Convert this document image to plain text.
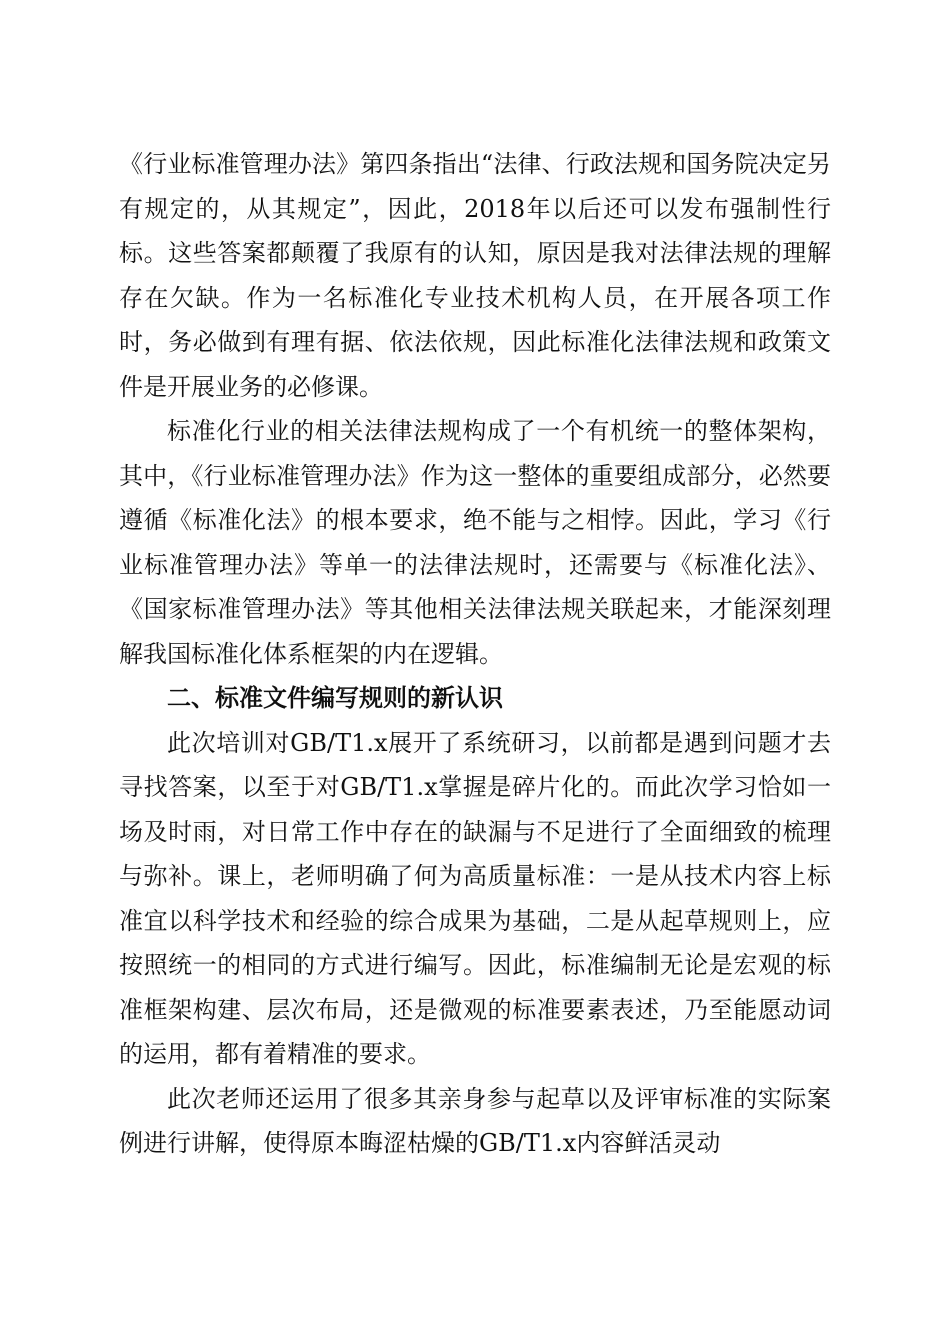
《行业标准管理办法》第四条指出“法律、行政法规和国务院决定另有规定的，从其规定”，因此，2018年以后还可以发布强制性行标。这些答案都颠覆了我原有的认知，原因是我对法律法规的理解存在欠缺。作为一名标准化专业技术机构人员，在开展各项工作时，务必做到有理有据、依法依规，因此标准化法律法规和政策文件是开展业务的必修课。

标准化行业的相关法律法规构成了一个有机统一的整体架构，其中，《行业标准管理办法》作为这一整体的重要组成部分，必然要遵循《标准化法》的根本要求，绝不能与之相悖。因此，学习《行业标准管理办法》等单一的法律法规时，还需要与《标准化法》、《国家标准管理办法》等其他相关法律法规关联起来，才能深刻理解我国标准化体系框架的内在逻辑。

二、标准文件编写规则的新认识

此次培训对GB/T1.x展开了系统研习，以前都是遇到问题才去寻找答案，以至于对GB/T1.x掌握是碎片化的。而此次学习恰如一场及时雨，对日常工作中存在的缺漏与不足进行了全面细致的梳理与弥补。课上，老师明确了何为高质量标准：一是从技术内容上标准宜以科学技术和经验的综合成果为基础，二是从起草规则上，应按照统一的相同的方式进行编写。因此，标准编制无论是宏观的标准框架构建、层次布局，还是微观的标准要素表述，乃至能愿动词的运用，都有着精准的要求。

此次老师还运用了很多其亲身参与起草以及评审标准的实际案例进行讲解，使得原本晦涩枯燥的GB/T1.x内容鲜活灵动
